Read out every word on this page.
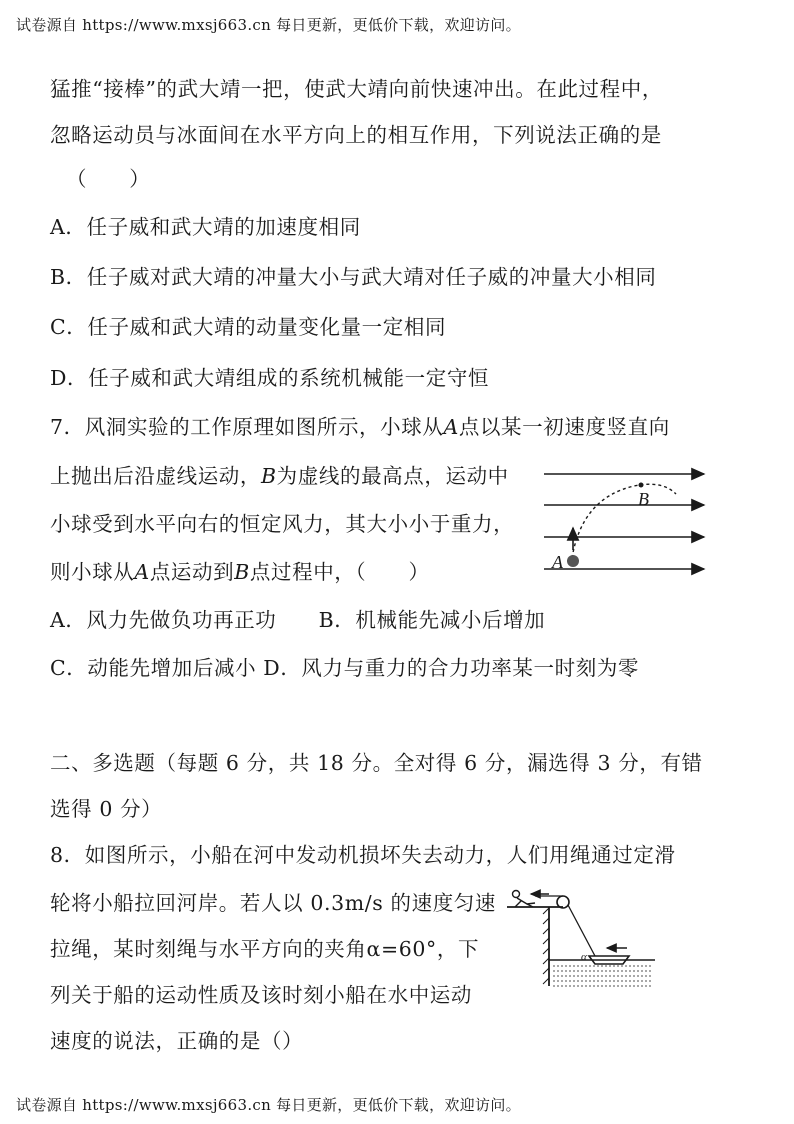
试卷源自 https://www.mxsj663.cn 每日更新，更低价下载，欢迎访问。
猛推“接棒”的武大靖一把，使武大靖向前快速冲出。在此过程中，
忽略运动员与冰面间在水平方向上的相互作用，下列说法正确的是
（　　）
A．任子威和武大靖的加速度相同
B．任子威对武大靖的冲量大小与武大靖对任子威的冲量大小相同
C．任子威和武大靖的动量变化量一定相同
D．任子威和武大靖组成的系统机械能一定守恒
7．风洞实验的工作原理如图所示，小球从A点以某一初速度竖直向
上抛出后沿虚线运动，B为虚线的最高点，运动中
小球受到水平向右的恒定风力，其大小小于重力，
则小球从A点运动到B点过程中，（　　）
A．风力先做负功再正功　　B．机械能先减小后增加
C．动能先增加后减小 D．风力与重力的合力功率某一时刻为零
A
B
二、多选题（每题 6 分，共 18 分。全对得 6 分，漏选得 3 分，有错
选得 0 分）
8．如图所示，小船在河中发动机损坏失去动力，人们用绳通过定滑
轮将小船拉回河岸。若人以 0.3m/s 的速度匀速
拉绳，某时刻绳与水平方向的夹角α=60°，下
列关于船的运动性质及该时刻小船在水中运动
速度的说法，正确的是（）
α
试卷源自 https://www.mxsj663.cn 每日更新，更低价下载，欢迎访问。
